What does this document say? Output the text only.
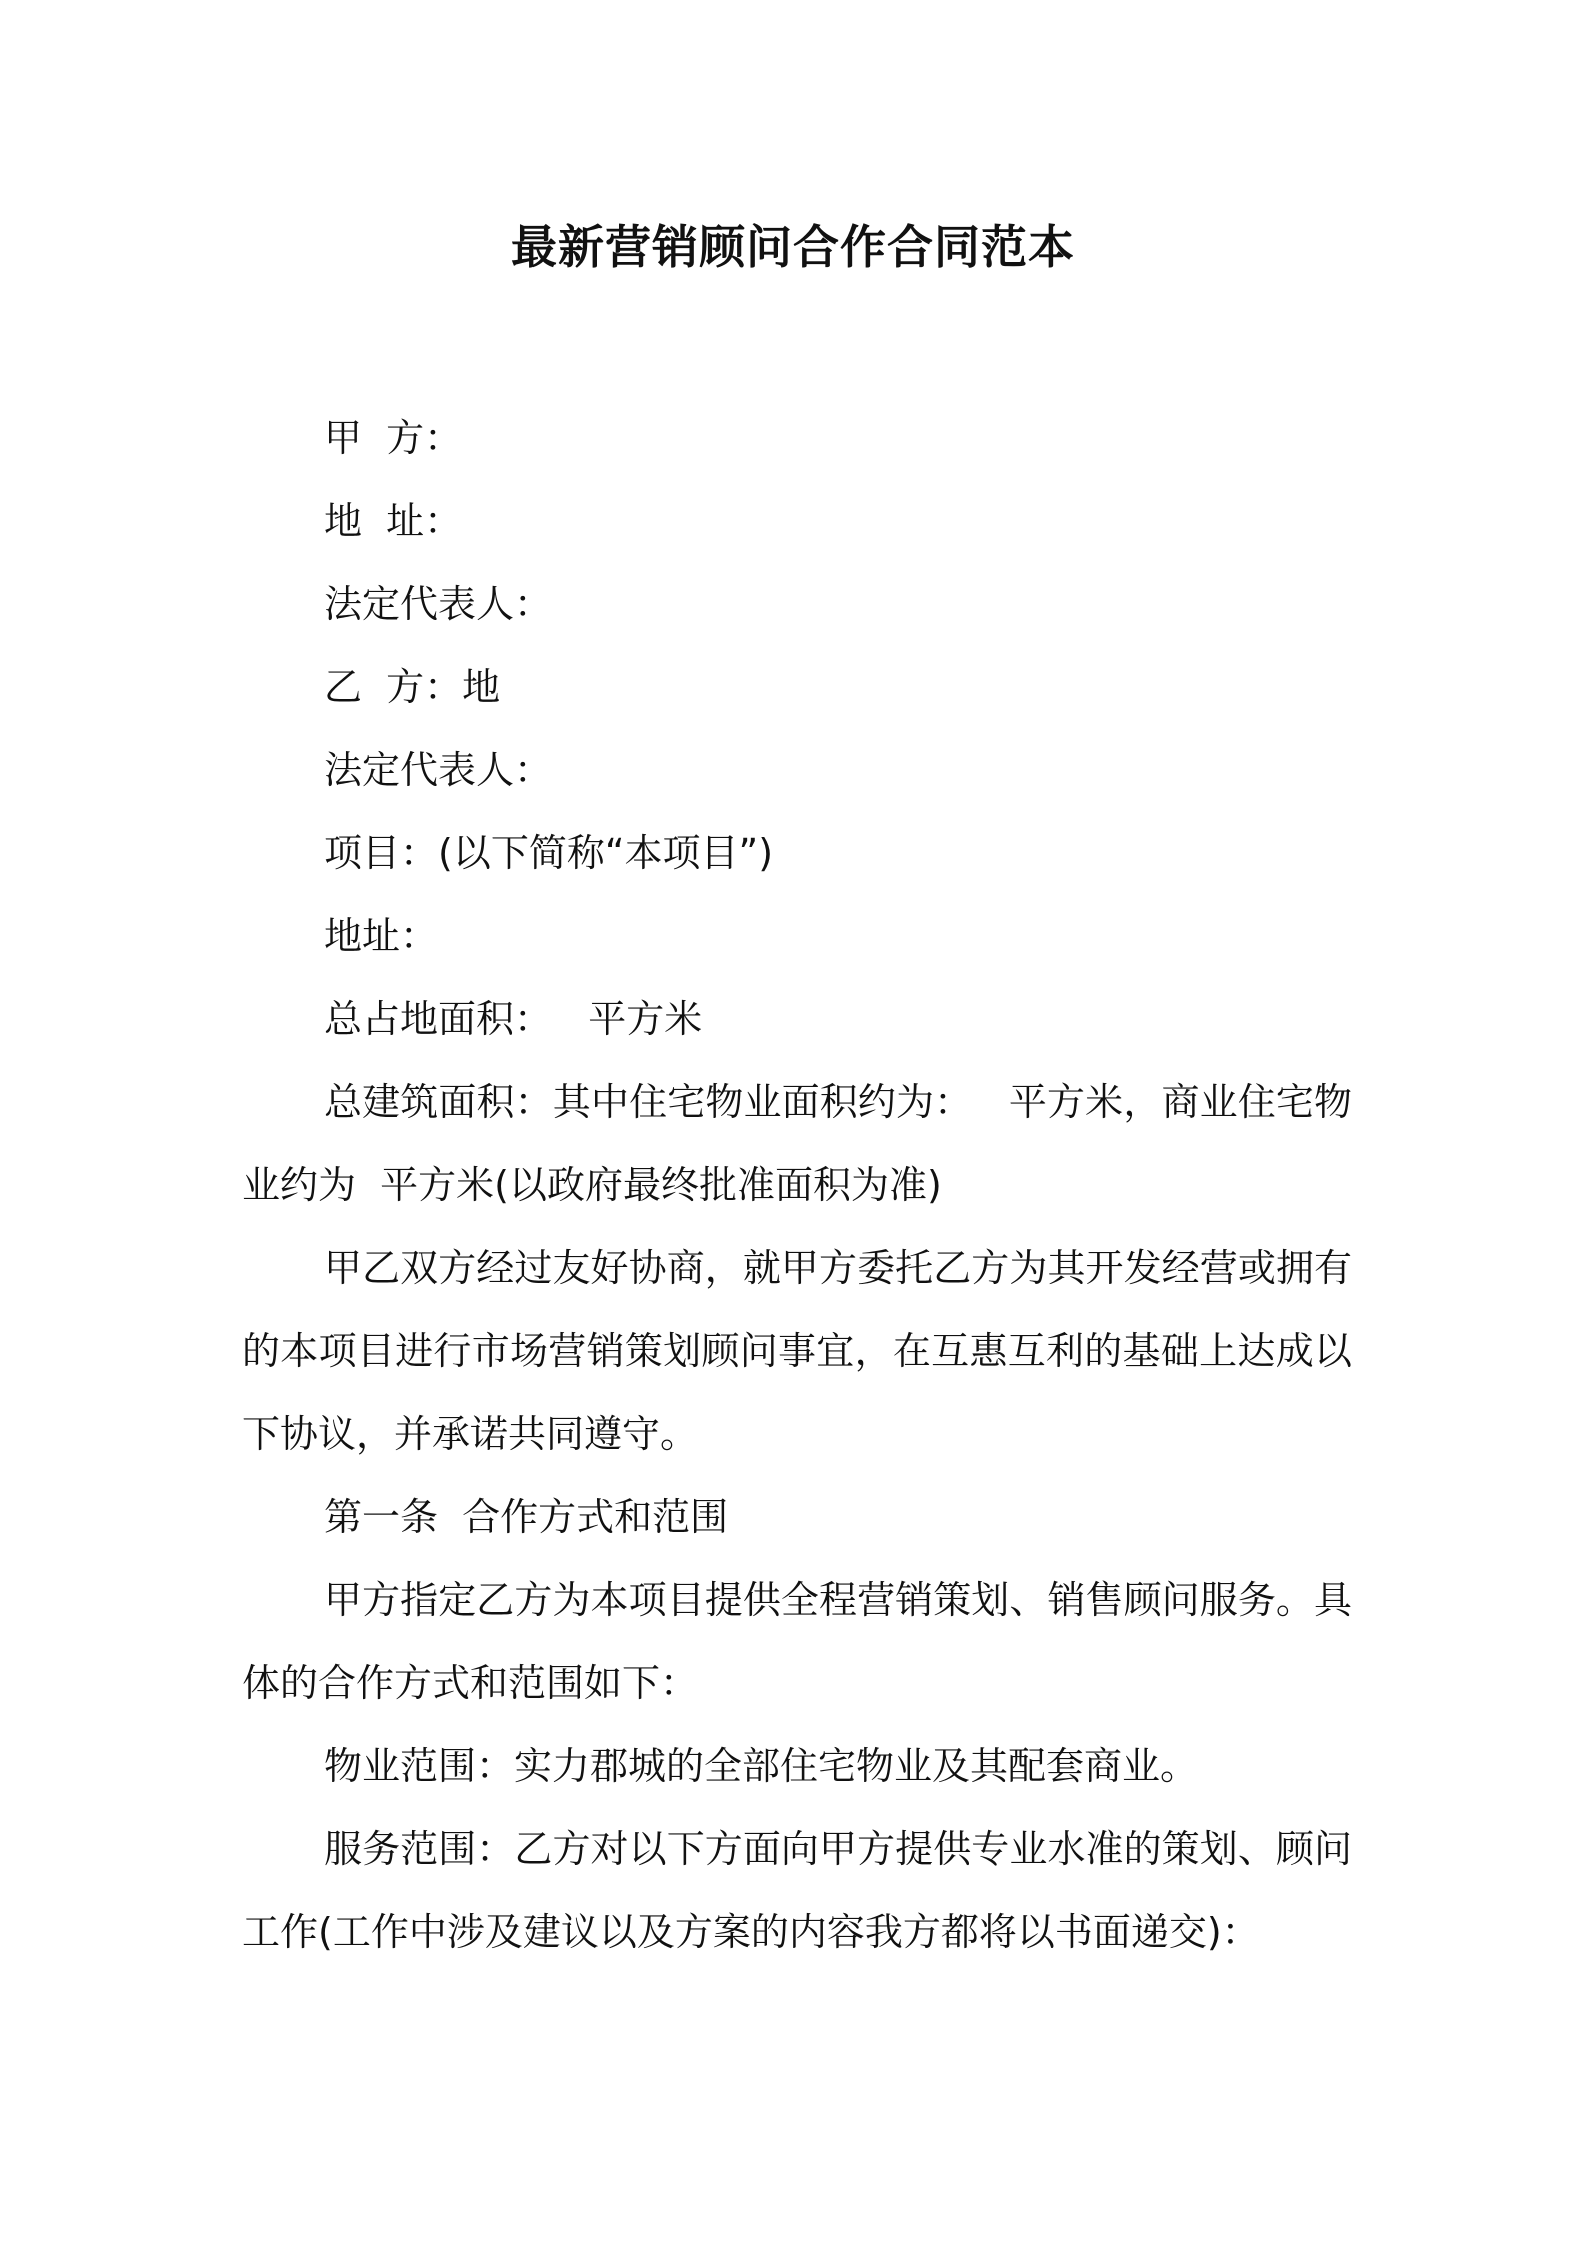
最新营销顾问合作合同范本

甲  方：

地  址：

法定代表人：

乙  方：地

法定代表人：

项目：(以下简称“本项目”)

地址：

总占地面积：   平方米

总建筑面积：其中住宅物业面积约为：   平方米，商业住宅物业约为  平方米(以政府最终批准面积为准)

甲乙双方经过友好协商，就甲方委托乙方为其开发经营或拥有的本项目进行市场营销策划顾问事宜，在互惠互利的基础上达成以下协议，并承诺共同遵守。

第一条  合作方式和范围

甲方指定乙方为本项目提供全程营销策划、销售顾问服务。具体的合作方式和范围如下：

物业范围：实力郡城的全部住宅物业及其配套商业。

服务范围：乙方对以下方面向甲方提供专业水准的策划、顾问工作(工作中涉及建议以及方案的内容我方都将以书面递交)：
